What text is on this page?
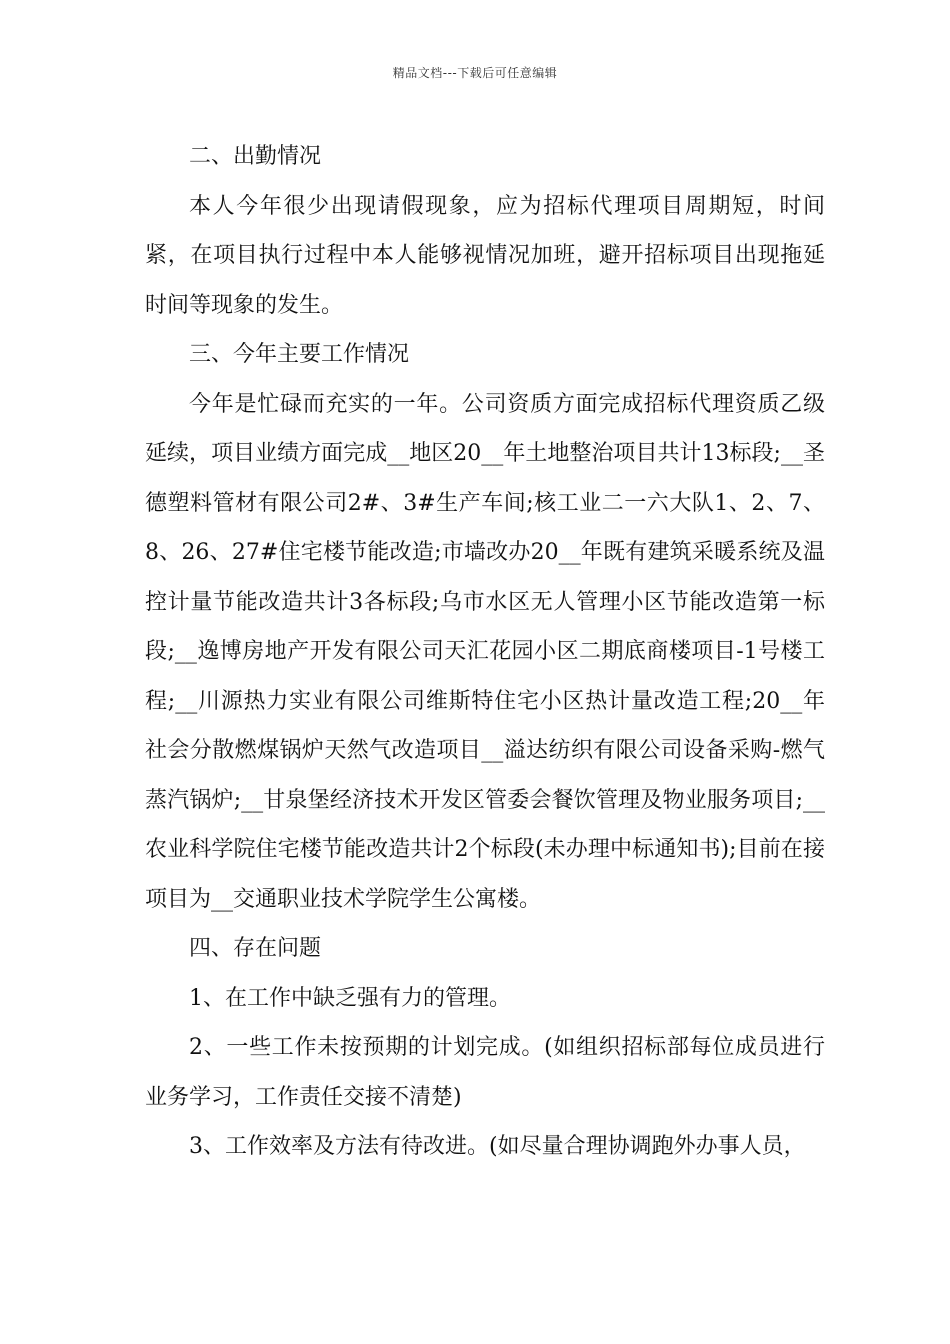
精品文档---下载后可任意编辑

二、出勤情况

本人今年很少出现请假现象，应为招标代理项目周期短，时间紧，在项目执行过程中本人能够视情况加班，避开招标项目出现拖延时间等现象的发生。

三、今年主要工作情况

今年是忙碌而充实的一年。公司资质方面完成招标代理资质乙级延续，项目业绩方面完成__地区20__年土地整治项目共计13标段;__圣德塑料管材有限公司2#、3#生产车间;核工业二一六大队1、2、7、8、26、27#住宅楼节能改造;市墙改办20__年既有建筑采暖系统及温控计量节能改造共计3各标段;乌市水区无人管理小区节能改造第一标段;__逸博房地产开发有限公司天汇花园小区二期底商楼项目-1号楼工程;__川源热力实业有限公司维斯特住宅小区热计量改造工程;20__年社会分散燃煤锅炉天然气改造项目__溢达纺织有限公司设备采购-燃气蒸汽锅炉;__甘泉堡经济技术开发区管委会餐饮管理及物业服务项目;__农业科学院住宅楼节能改造共计2个标段(未办理中标通知书);目前在接项目为__交通职业技术学院学生公寓楼。

四、存在问题

1、在工作中缺乏强有力的管理。

2、一些工作未按预期的计划完成。(如组织招标部每位成员进行业务学习，工作责任交接不清楚)

3、工作效率及方法有待改进。(如尽量合理协调跑外办事人员，
